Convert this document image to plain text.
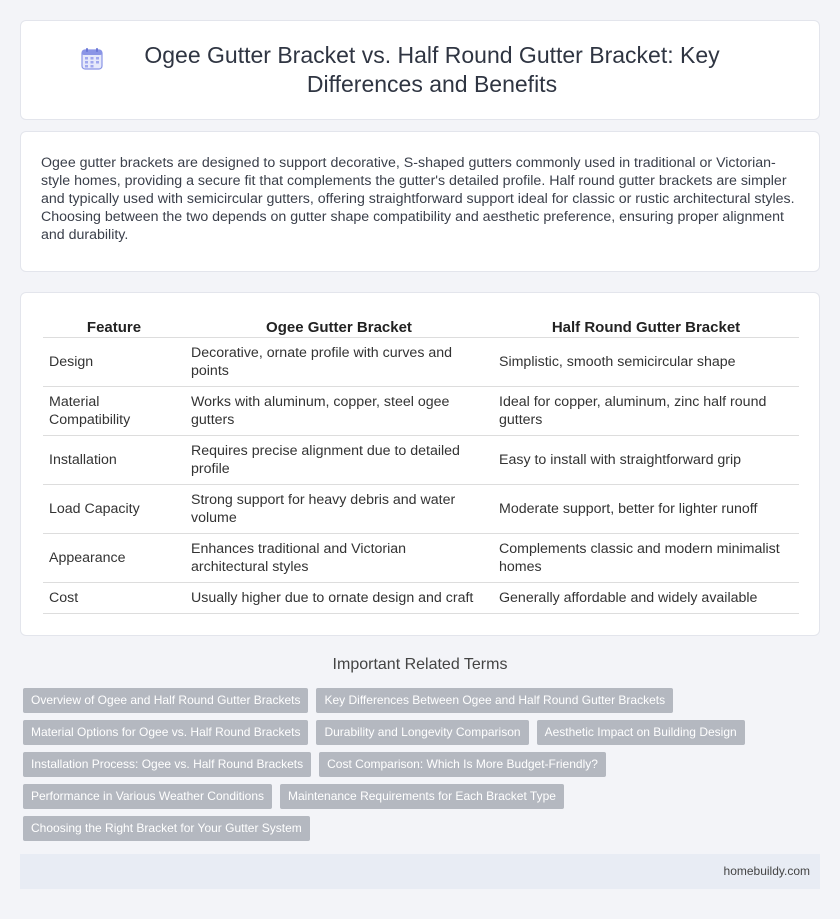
Ogee Gutter Bracket vs. Half Round Gutter Bracket: Key Differences and Benefits

Ogee gutter brackets are designed to support decorative, S-shaped gutters commonly used in traditional or Victorian-style homes, providing a secure fit that complements the gutter's detailed profile. Half round gutter brackets are simpler and typically used with semicircular gutters, offering straightforward support ideal for classic or rustic architectural styles. Choosing between the two depends on gutter shape compatibility and aesthetic preference, ensuring proper alignment and durability.

Feature	Ogee Gutter Bracket	Half Round Gutter Bracket
Design	Decorative, ornate profile with curves and points	Simplistic, smooth semicircular shape
Material Compatibility	Works with aluminum, copper, steel ogee gutters	Ideal for copper, aluminum, zinc half round gutters
Installation	Requires precise alignment due to detailed profile	Easy to install with straightforward grip
Load Capacity	Strong support for heavy debris and water volume	Moderate support, better for lighter runoff
Appearance	Enhances traditional and Victorian architectural styles	Complements classic and modern minimalist homes
Cost	Usually higher due to ornate design and craft	Generally affordable and widely available
Important Related Terms
Overview of Ogee and Half Round Gutter Brackets	Key Differences Between Ogee and Half Round Gutter Brackets
Material Options for Ogee vs. Half Round Brackets	Durability and Longevity Comparison	Aesthetic Impact on Building Design
Installation Process: Ogee vs. Half Round Brackets	Cost Comparison: Which Is More Budget-Friendly?
Performance in Various Weather Conditions	Maintenance Requirements for Each Bracket Type
Choosing the Right Bracket for Your Gutter System
homebuildy.com
